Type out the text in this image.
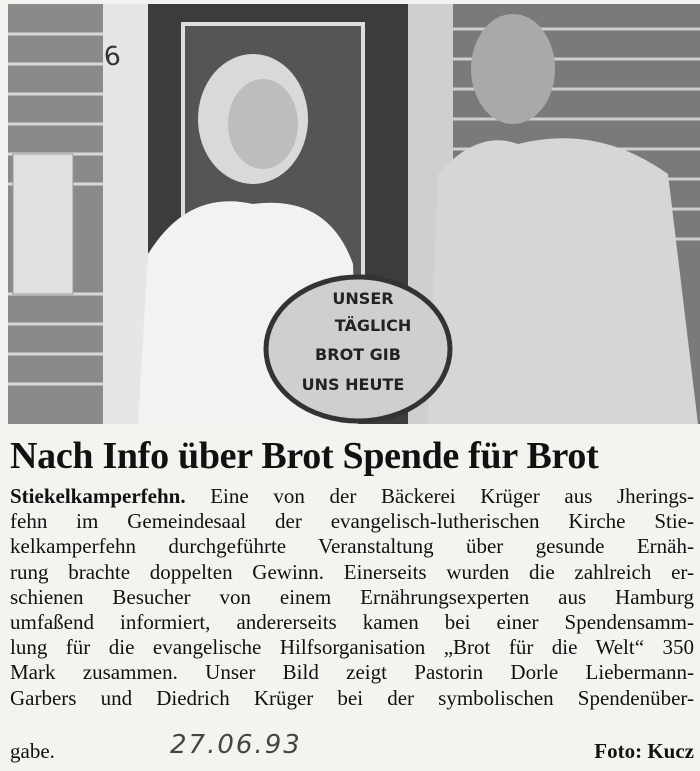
UNSER
TÄGLICH
BROT GIB
UNS HEUTE
6
Nach Info über Brot Spende für Brot
Stiekelkamperfehn. Eine von der Bäckerei Krüger aus Jherings-
fehn im Gemeindesaal der evangelisch-lutherischen Kirche Stie-
kelkamperfehn durchgeführte Veranstaltung über gesunde Ernäh-
rung brachte doppelten Gewinn. Einerseits wurden die zahlreich er-
schienen Besucher von einem Ernährungsexperten aus Hamburg
umfaßend informiert, andererseits kamen bei einer Spendensamm-
lung für die evangelische Hilfsorganisation „Brot für die Welt“ 350
Mark zusammen. Unser Bild zeigt Pastorin Dorle Liebermann-
Garbers und Diedrich Krüger bei der symbolischen Spendenüber-
gabe.	Foto: Kucz
27.06.93
